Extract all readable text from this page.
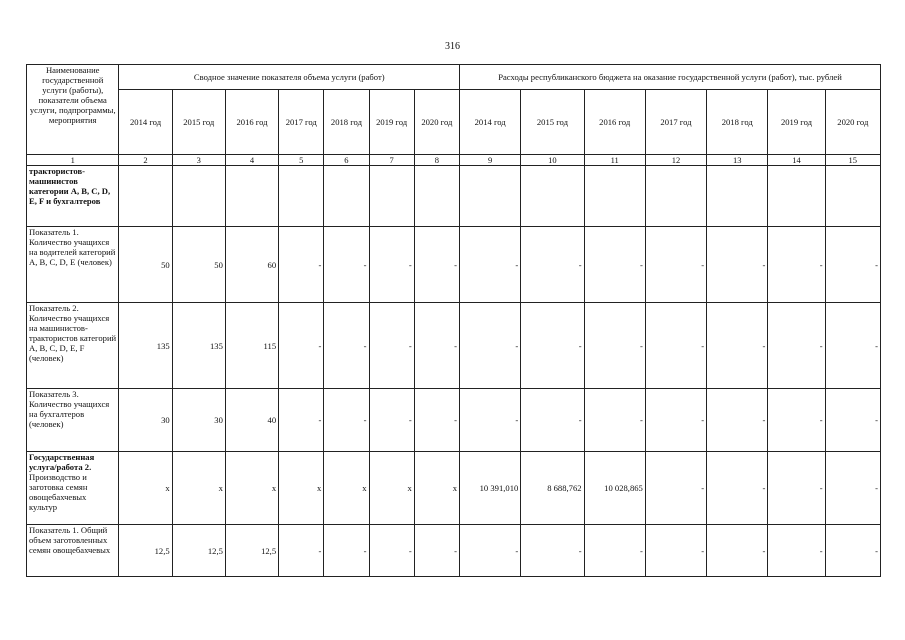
316
Наименование государственной услуги (работы), показатели объема услуги, подпрограммы, мероприятия	Сводное значение показателя объема услуги (работ)							Расходы республиканского бюджета на оказание государственной услуги (работ), тыс. рублей						
	2014 год	2015 год	2016 год	2017 год	2018 год	2019 год	2020 год	2014 год	2015 год	2016 год	2017 год	2018 год	2019 год	2020 год
1	2	3	4	5	6	7	8	9	10	11	12	13	14	15
трактористов-машинистов категории A, B, C, D, E, F и бухгалтеров														
Показатель 1. Количество учащихся на водителей категорий A, B, C, D, E (человек)	50	50	60	-	-	-	-	-	-	-	-	-	-	-
Показатель 2. Количество учащихся на машинистов-трактористов категорий A, B, C, D, E, F (человек)	135	135	115	-	-	-	-	-	-	-	-	-	-	-
Показатель 3. Количество учащихся на бухгалтеров (человек)	30	30	40	-	-	-	-	-	-	-	-	-	-	-
Государственная услуга/работа 2. Производство и заготовка семян овощебахчевых культур	x	x	x	x	x	x	x	10 391,010	8 688,762	10 028,865	-	-	-	-
Показатель 1. Общий объем заготовленных семян овощебахчевых	12,5	12,5	12,5	-	-	-	-	-	-	-	-	-	-	-
